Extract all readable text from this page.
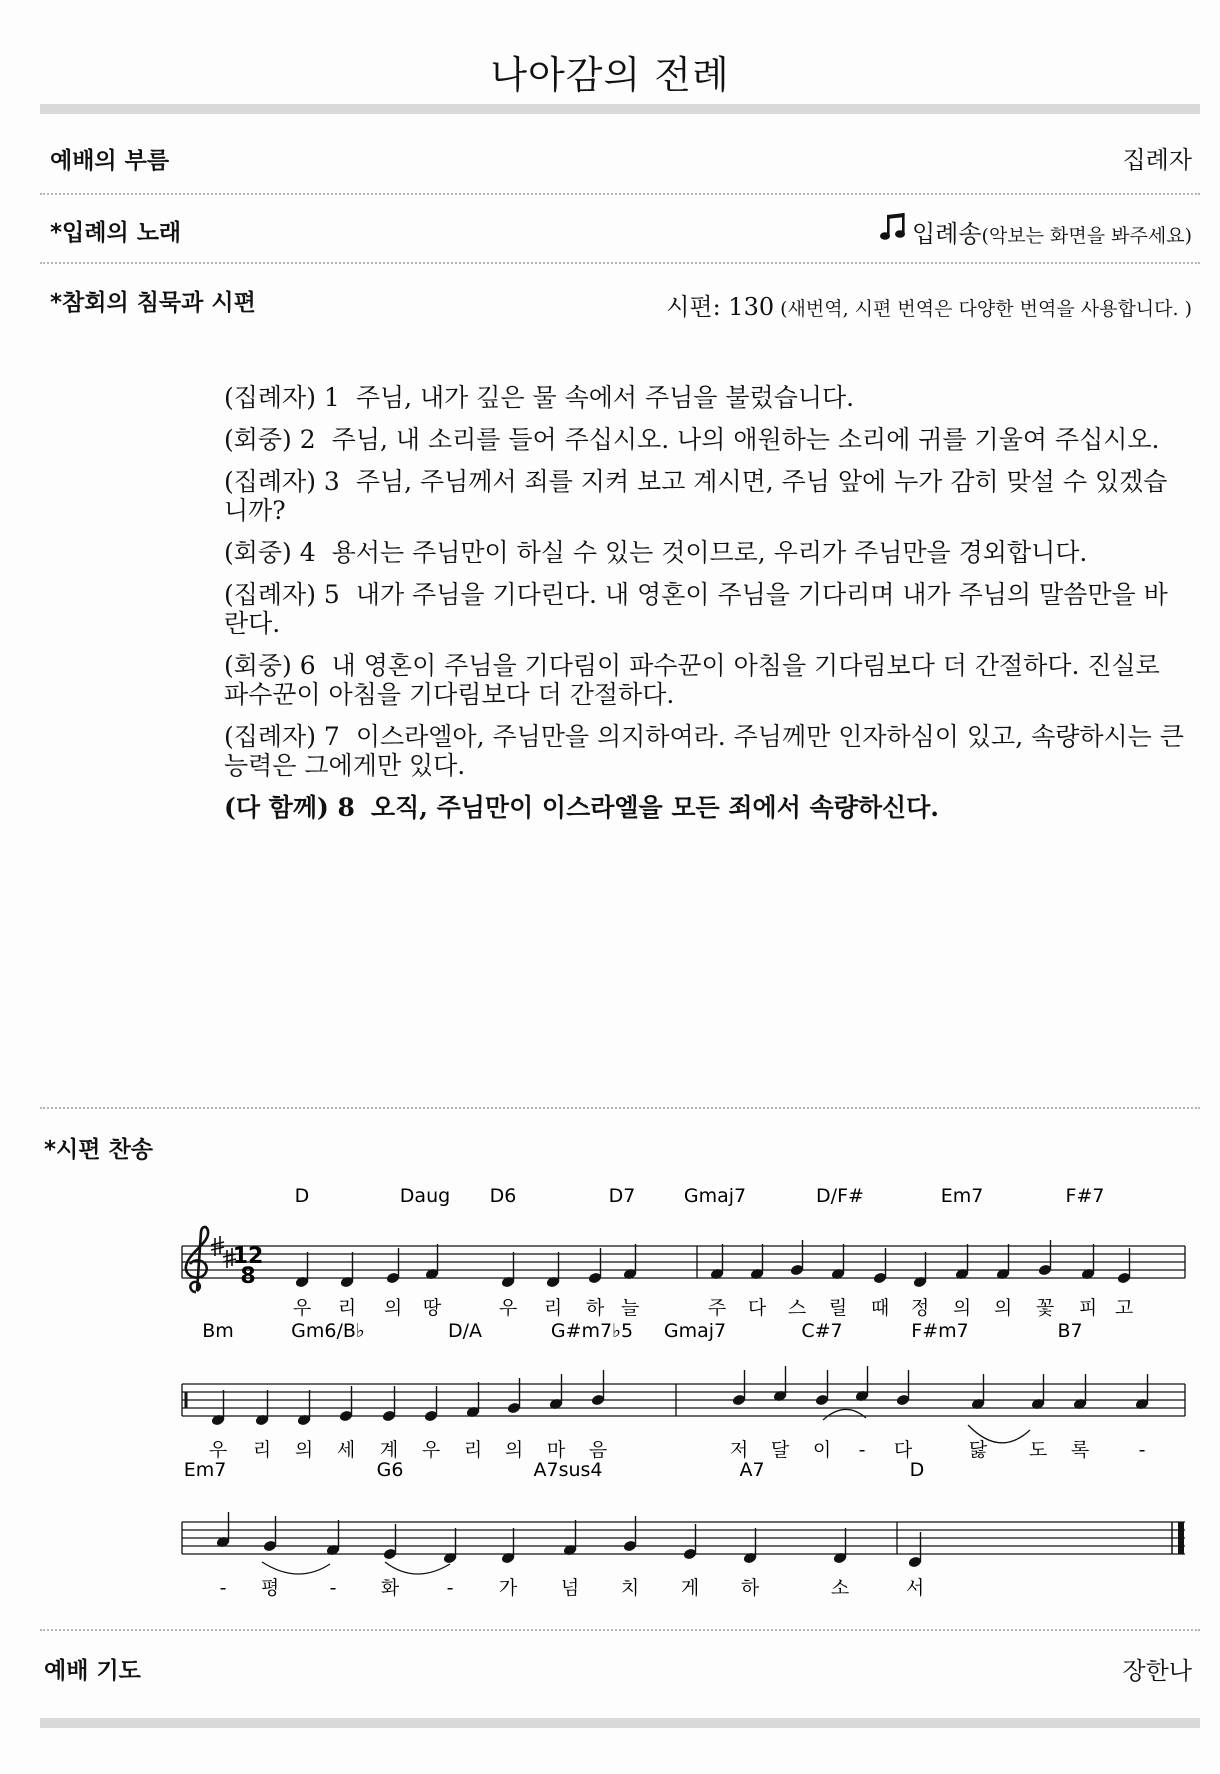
나아감의 전례
예배의 부름	집례자
*입례의 노래	입례송 (악보는 화면을 봐주세요)
*참회의 침묵과 시편	시편: 130 (새번역, 시편 번역은 다양한 번역을 사용합니다. )
(집례자) 1 주님, 내가 깊은 물 속에서 주님을 불렀습니다.
(회중) 2 주님, 내 소리를 들어 주십시오. 나의 애원하는 소리에 귀를 기울여 주십시오.
(집례자) 3 주님, 주님께서 죄를 지켜 보고 계시면, 주님 앞에 누가 감히 맞설 수 있겠습니까?
(회중) 4 용서는 주님만이 하실 수 있는 것이므로, 우리가 주님만을 경외합니다.
(집례자) 5 내가 주님을 기다린다. 내 영혼이 주님을 기다리며 내가 주님의 말씀만을 바란다.
(회중) 6 내 영혼이 주님을 기다림이 파수꾼이 아침을 기다림보다 더 간절하다. 진실로 파수꾼이 아침을 기다림보다 더 간절하다.
(집례자) 7 이스라엘아, 주님만을 의지하여라. 주님께만 인자하심이 있고, 속량하시는 큰 능력은 그에게만 있다.
(다 함께) 8 오직, 주님만이 이스라엘을 모든 죄에서 속량하신다.
*시편 찬송
12
8
D	Daug D6	D7	Gmaj7	D/F#	Em7	F#7
우 리 의 땅	우 리 하 늘	주 다 스 릴 때 정 의 의 꽃 피 고
Bm	Gm6/B♭	D/A	G#m7♭5 Gmaj7	C#7	F#m7	B7
우 리 의 세 계 우 리 의 마 음	저 달 이 - 다	닳 도 록	-
Em7	G6	A7sus4	A7	D
- 평	- 화 - 가 넘 치 게 하	소	서
예배 기도	장한나
